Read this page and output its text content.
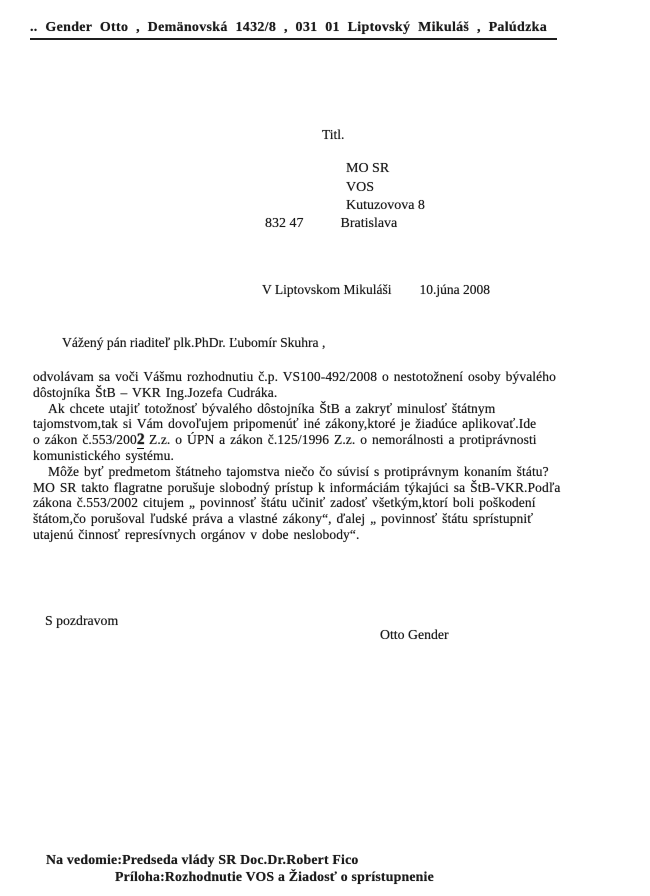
.. Gender Otto , Demänovská 1432/8 , 031 01 Liptovský Mikuláš , Palúdzka
Titl.
MO SR
VOS
Kutuzovova 8
832 47	Bratislava
V Liptovskom Mikuláši 10.júna 2008
Vážený pán riaditeľ plk.PhDr. Ľubomír Skuhra ,
odvolávam sa voči Vášmu rozhodnutiu č.p. VS100-492/2008 o nestotožnení osoby bývalého
dôstojníka ŠtB – VKR Ing.Jozefa Cudráka.
Ak chcete utajiť totožnosť bývalého dôstojníka ŠtB a zakryť minulosť štátnym
tajomstvom,tak si Vám dovoľujem pripomenúť iné zákony,ktoré je žiadúce aplikovať.Ide
o zákon č.553/2002 Z.z. o ÚPN a zákon č.125/1996 Z.z. o nemorálnosti a protiprávnosti
komunistického systému.
Môže byť predmetom štátneho tajomstva niečo čo súvisí s protiprávnym konaním štátu?
MO SR takto flagratne porušuje slobodný prístup k informáciám týkajúci sa ŠtB-VKR.Podľa
zákona č.553/2002 citujem „ povinnosť štátu učiniť zadosť všetkým,ktorí boli poškodení
štátom,čo porušoval ľudské práva a vlastné zákony“, ďalej „ povinnosť štátu sprístupniť
utajenú činnosť represívnych orgánov v dobe neslobody“.
S pozdravom
Otto Gender
Na vedomie:Predseda vlády SR Doc.Dr.Robert Fico
Príloha:Rozhodnutie VOS a Žiadosť o sprístupnenie
